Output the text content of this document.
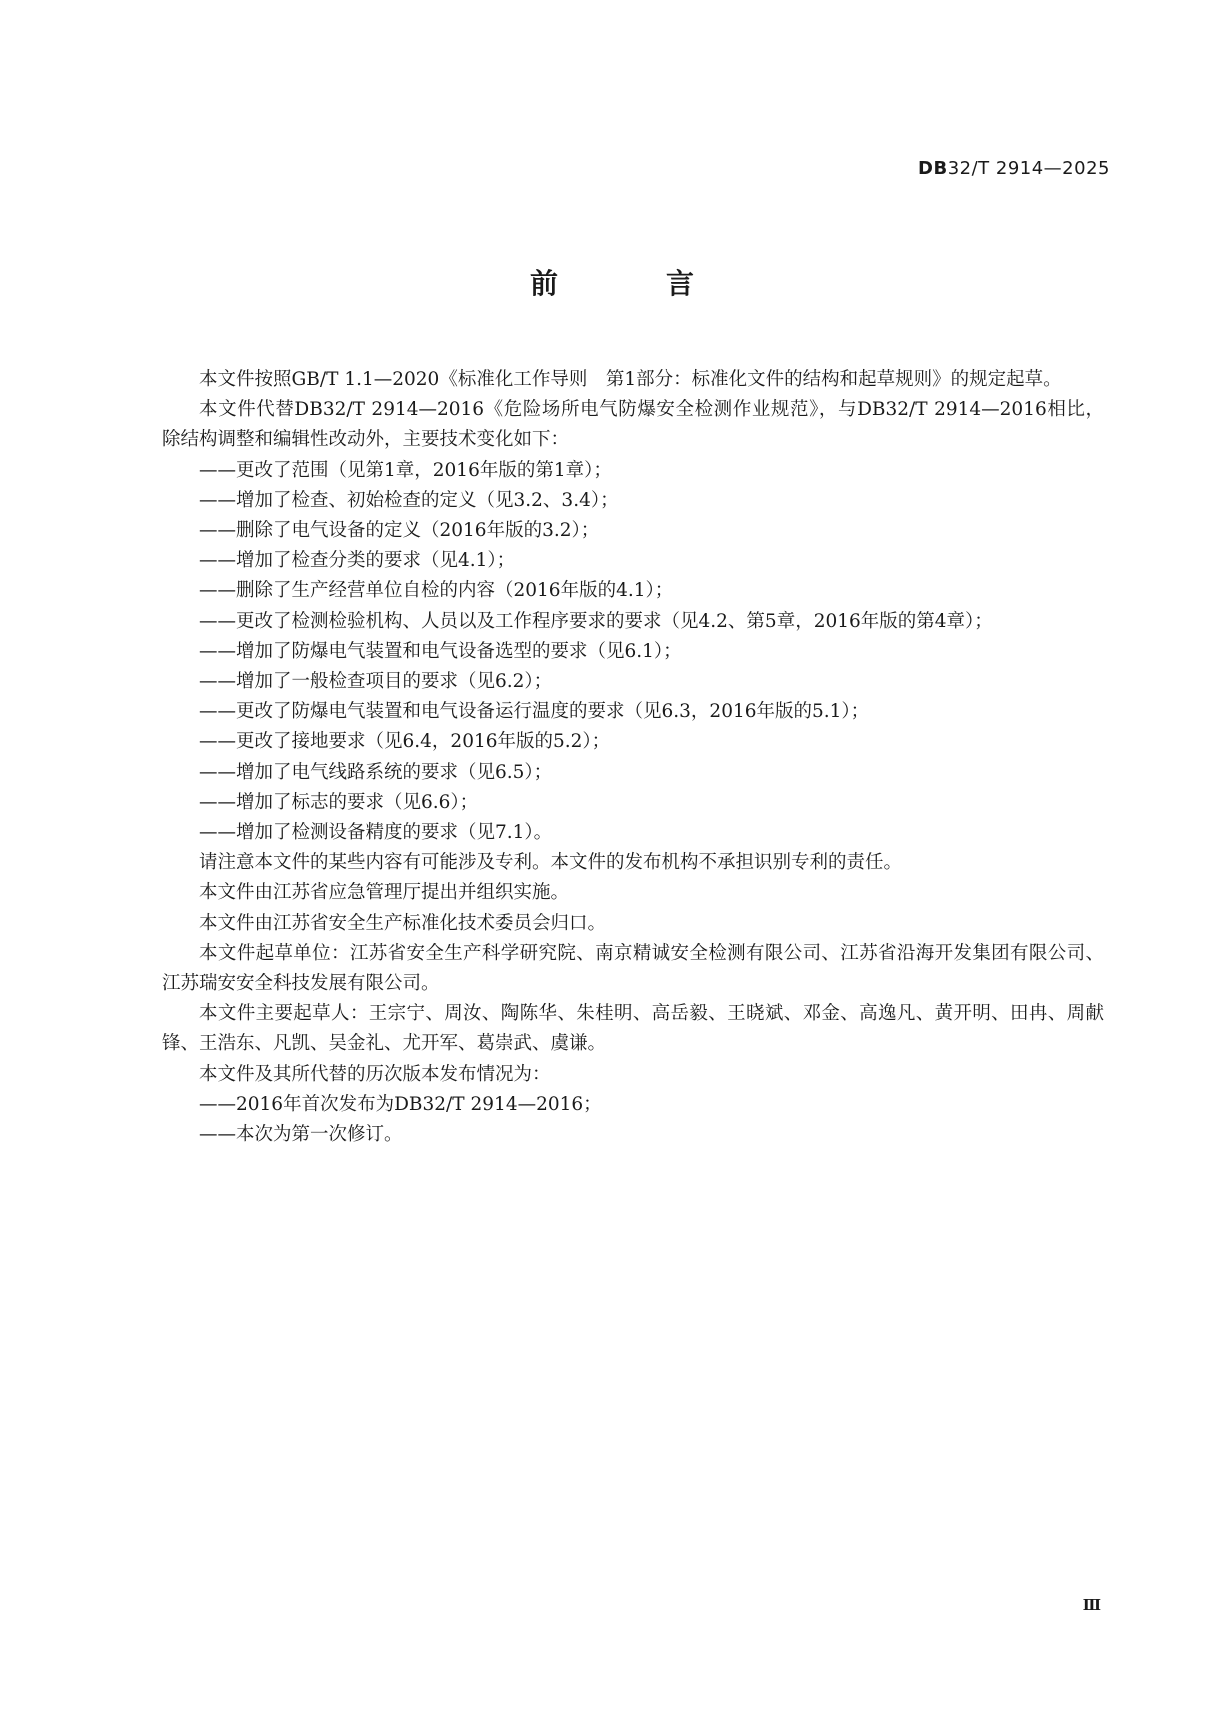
DB32/T 2914—2025
前　言

本文件按照GB/T 1.1—2020《标准化工作导则　第1部分：标准化文件的结构和起草规则》的规定起草。

本文件代替DB32/T 2914—2016《危险场所电气防爆安全检测作业规范》，与DB32/T 2914—2016相比，除结构调整和编辑性改动外，主要技术变化如下：

——更改了范围（见第1章，2016年版的第1章）；

——增加了检查、初始检查的定义（见3.2、3.4）；

——删除了电气设备的定义（2016年版的3.2）；

——增加了检查分类的要求（见4.1）；

——删除了生产经营单位自检的内容（2016年版的4.1）；

——更改了检测检验机构、人员以及工作程序要求的要求（见4.2、第5章，2016年版的第4章）；

——增加了防爆电气装置和电气设备选型的要求（见6.1）；

——增加了一般检查项目的要求（见6.2）；

——更改了防爆电气装置和电气设备运行温度的要求（见6.3，2016年版的5.1）；

——更改了接地要求（见6.4，2016年版的5.2）；

——增加了电气线路系统的要求（见6.5）；

——增加了标志的要求（见6.6）；

——增加了检测设备精度的要求（见7.1）。

请注意本文件的某些内容有可能涉及专利。本文件的发布机构不承担识别专利的责任。

本文件由江苏省应急管理厅提出并组织实施。

本文件由江苏省安全生产标准化技术委员会归口。

本文件起草单位：江苏省安全生产科学研究院、南京精诚安全检测有限公司、江苏省沿海开发集团有限公司、江苏瑞安安全科技发展有限公司。

本文件主要起草人：王宗宁、周汝、陶陈华、朱桂明、高岳毅、王晓斌、邓金、高逸凡、黄开明、田冉、周献锋、王浩东、凡凯、吴金礼、尤开军、葛崇武、虞谦。

本文件及其所代替的历次版本发布情况为：

——2016年首次发布为DB32/T 2914—2016；

——本次为第一次修订。

Ⅲ
